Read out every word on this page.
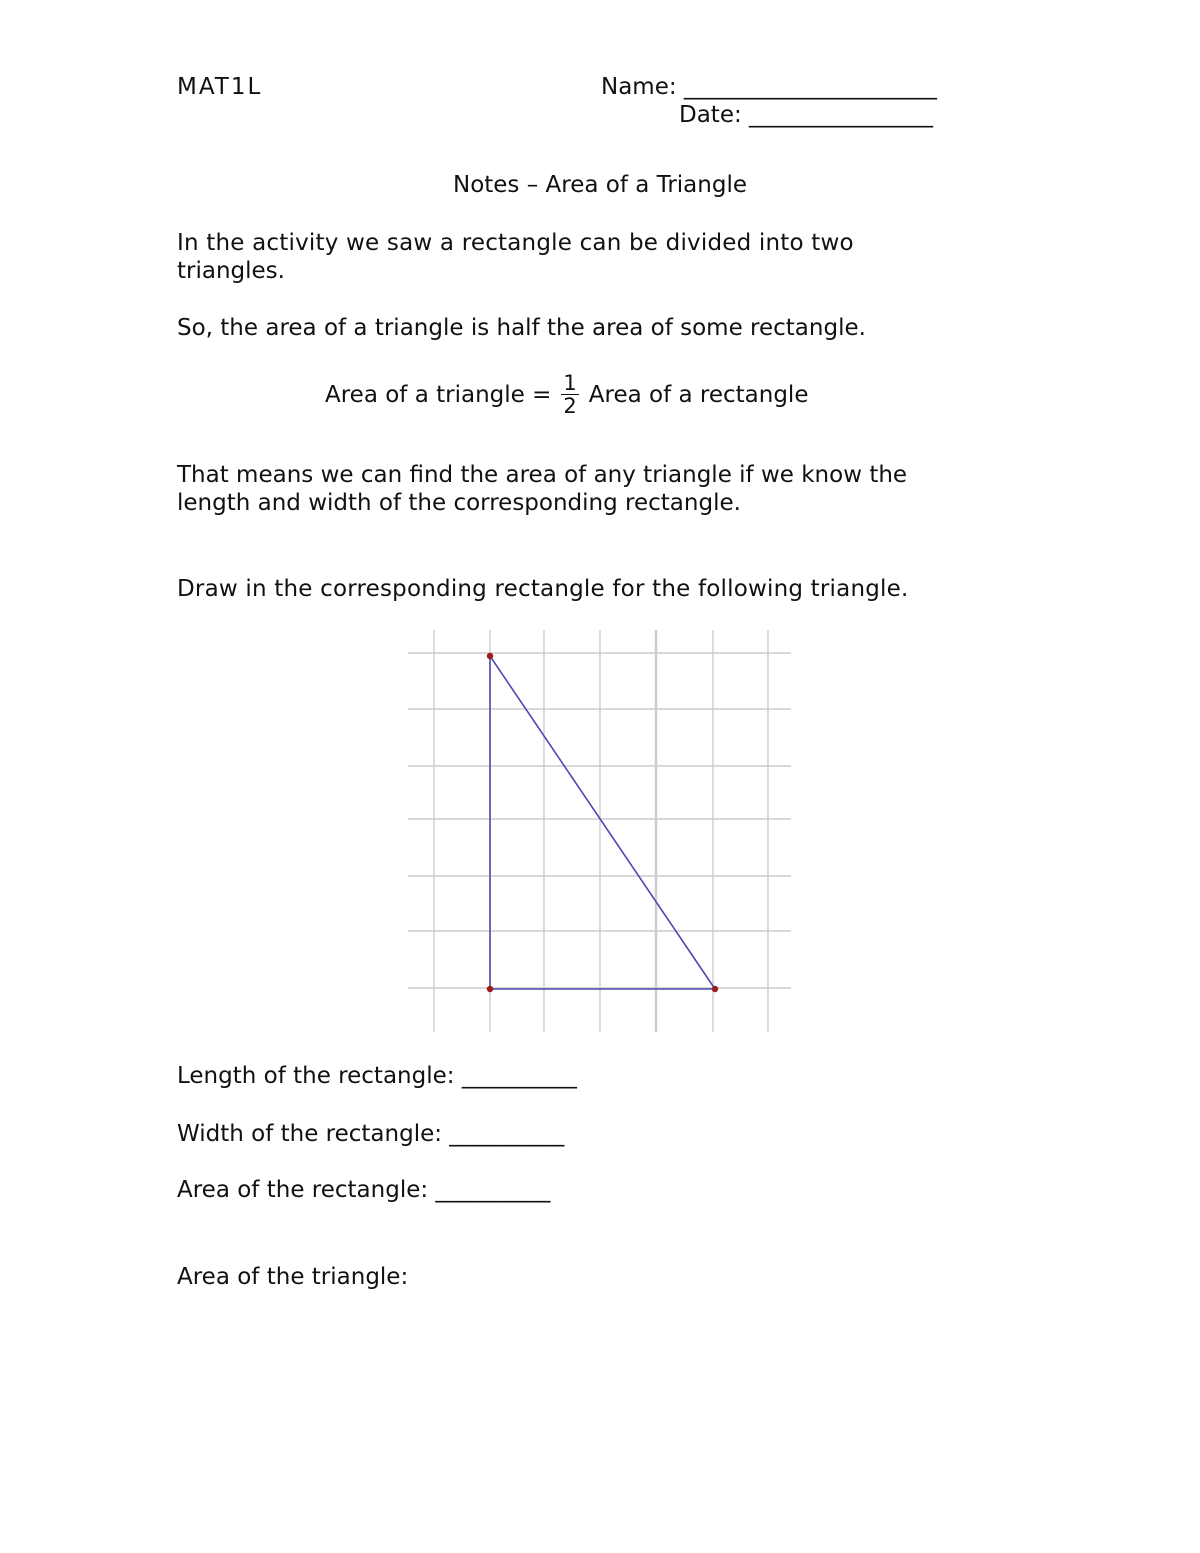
MAT1L	Name: ______________________
Date: ________________
Notes – Area of a Triangle
In the activity we saw a rectangle can be divided into two
triangles.
So, the area of a triangle is half the area of some rectangle.
Area of a triangle = $\frac{1}{2}$ Area of a rectangle
That means we can find the area of any triangle if we know the
length and width of the corresponding rectangle.
Draw in the corresponding rectangle for the following triangle.
Length of the rectangle: __________
Width of the rectangle: __________
Area of the rectangle: __________
Area of the triangle:
